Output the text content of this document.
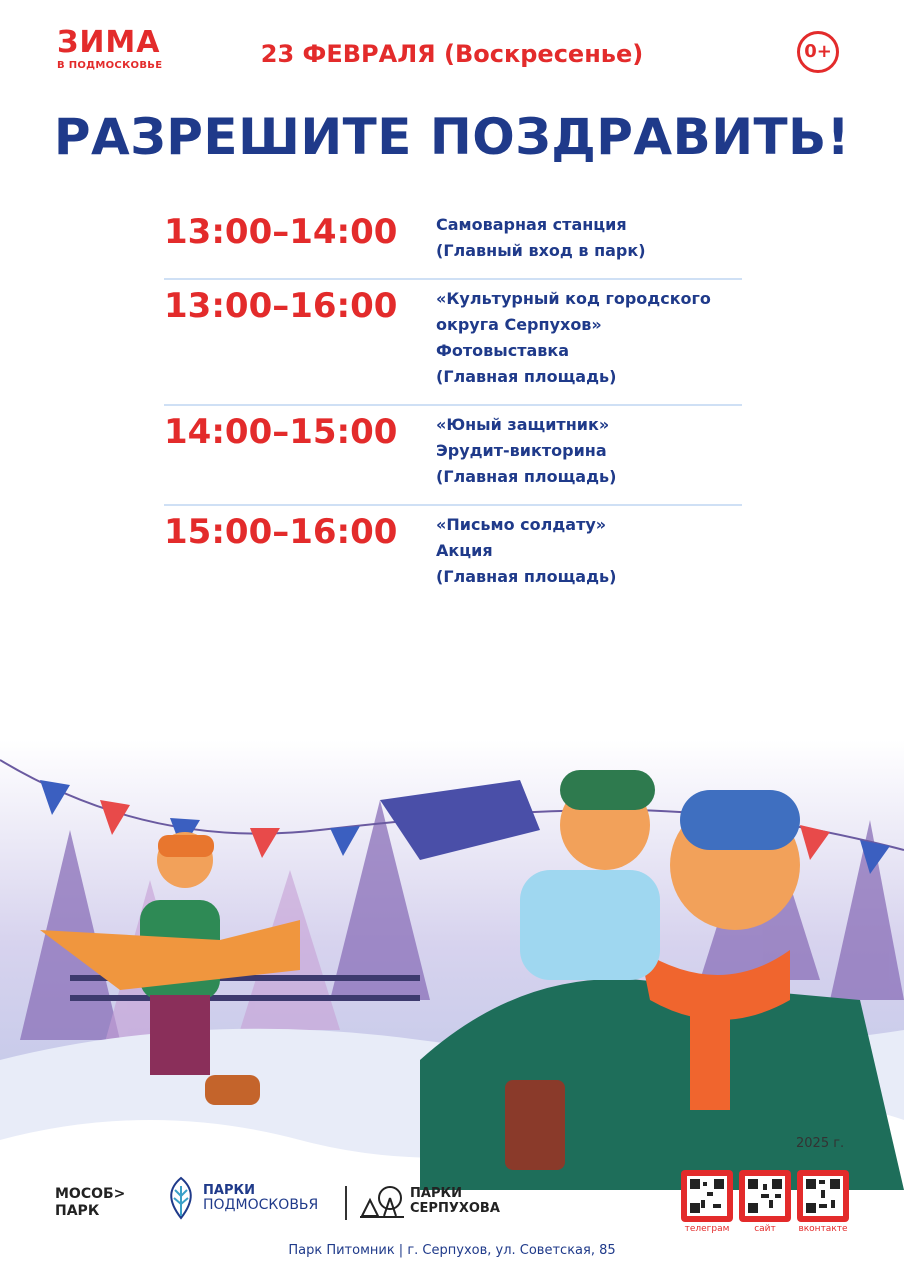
ЗИМА
В ПОДМОСКОВЬЕ	23 ФЕВРАЛЯ (Воскресенье)	0+
РАЗРЕШИТЕ ПОЗДРАВИТЬ!
13:00–14:00	Самоварная станция
(Главный вход в парк)
13:00–16:00	«Культурный код городского
округа Серпухов»
Фотовыставка
(Главная площадь)
14:00–15:00	«Юный защитник»
Эрудит-викторина
(Главная площадь)
15:00–16:00	«Письмо солдату»
Акция
(Главная площадь)
2025 г.
МОСОБ>
ПАРК
ПАРКИ
ПОДМОСКОВЬЯ
ПАРКИ
СЕРПУХОВА
телеграм	сайт	вконтакте
Парк Питомник | г. Серпухов, ул. Советская, 85
